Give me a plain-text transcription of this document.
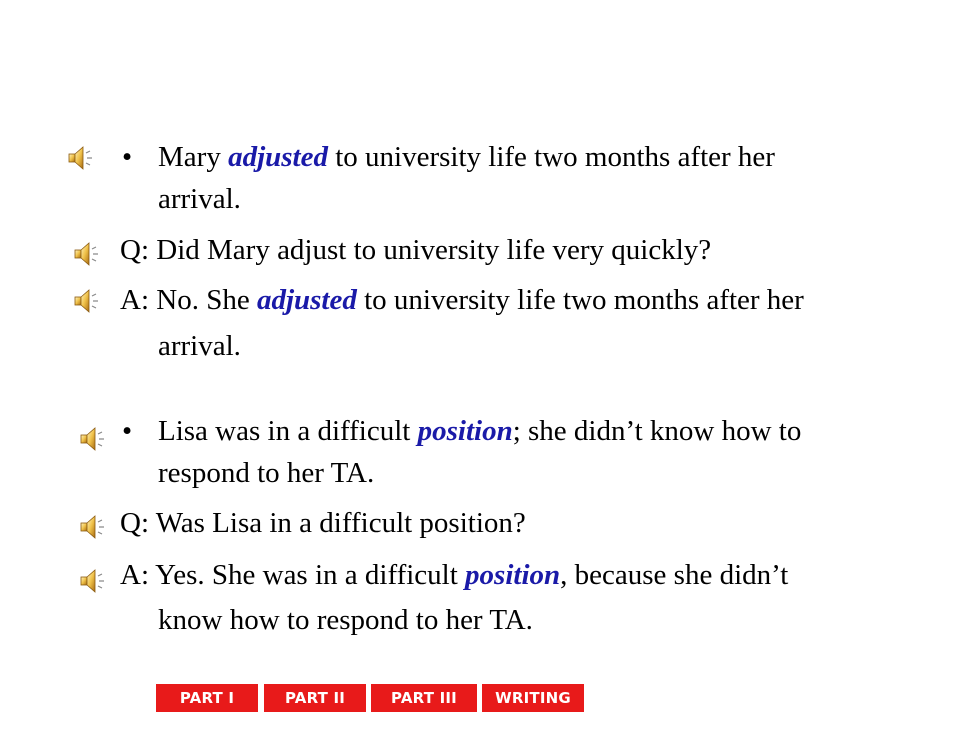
• Mary adjusted to university life two months after her
arrival.
Q: Did Mary adjust to university life very quickly?
A: No. She adjusted to university life two months after her
arrival.
• Lisa was in a difficult position; she didn’t know how to
respond to her TA.
Q: Was Lisa in a difficult position?
A: Yes. She was in a difficult position, because she didn’t
know how to respond to her TA.
PART I	PART II	PART III	WRITING
